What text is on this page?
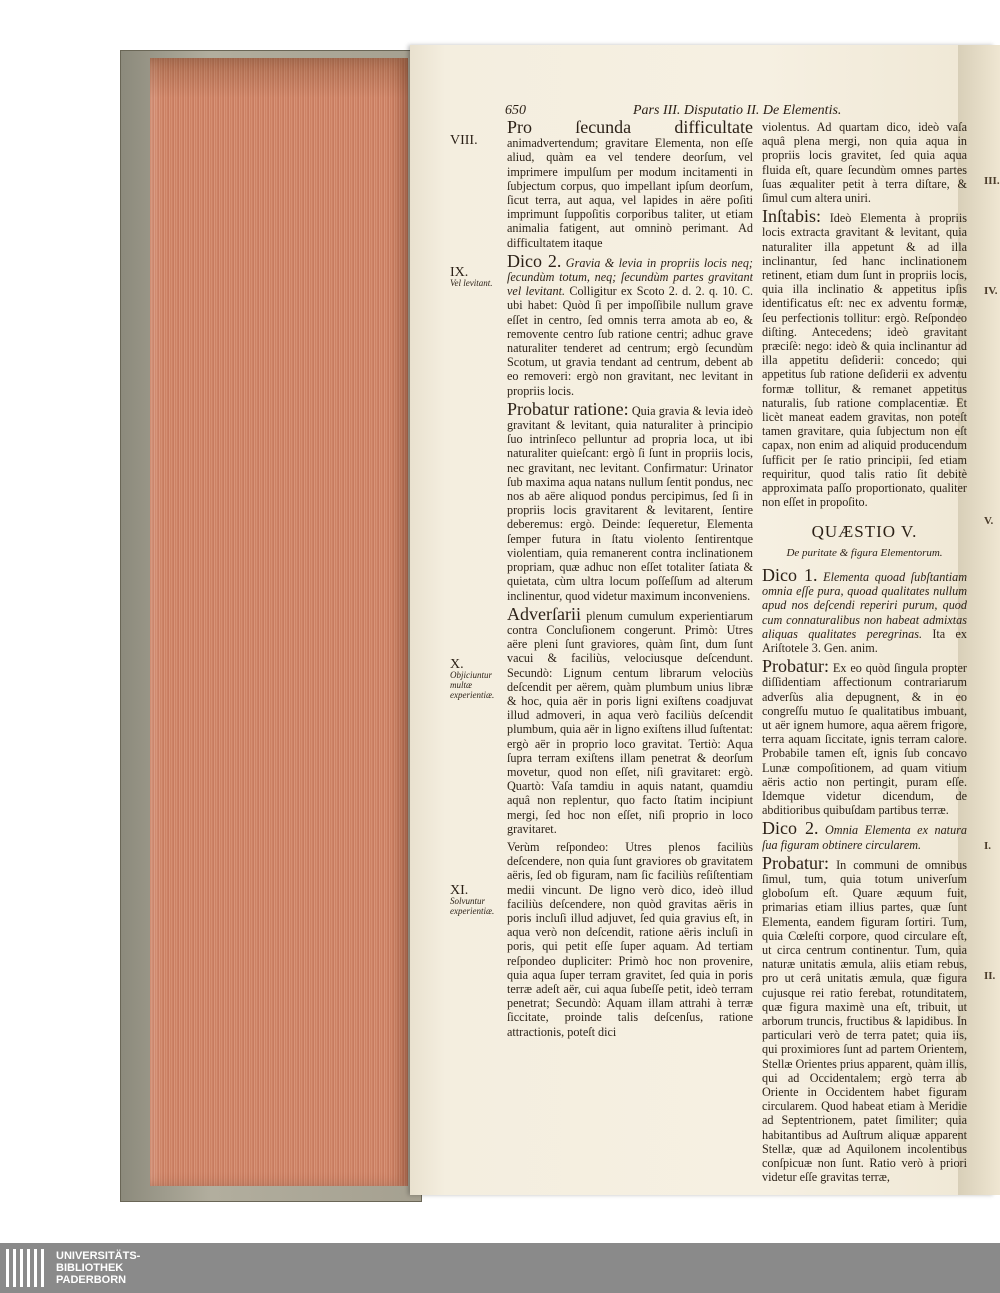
III.
IV.
V.
I.
II.
650	Pars III. Disputatio II. De Elementis.
VIII.
IX.
Vel levitant.
X.
Objiciuntur multæ experientiæ.
XI.
Solvuntur experientiæ.

Pro ſecunda difficultate animadvertendum; gravitare Elementa, non eſſe aliud, quàm ea vel tendere deorſum, vel imprimere impulſum per modum incitamenti in ſubjectum corpus, quo impellant ipſum deorſum, ſicut terra, aut aqua, vel lapides in aëre poſiti imprimunt ſuppoſitis corporibus taliter, ut etiam animalia fatigent, aut omninò perimant. Ad difficultatem itaque

Dico 2. Gravia & levia in propriis locis neq; ſecundùm totum, neq; ſecundùm partes gravitant vel levitant. Colligitur ex Scoto 2. d. 2. q. 10. C. ubi habet: Quòd ſi per impoſſibile nullum grave eſſet in centro, ſed omnis terra amota ab eo, & removente centro ſub ratione centri; adhuc grave naturaliter tenderet ad centrum; ergò ſecundùm Scotum, ut gravia tendant ad centrum, debent ab eo removeri: ergò non gravitant, nec levitant in propriis locis.

Probatur ratione: Quia gravia & levia ideò gravitant & levitant, quia naturaliter à principio ſuo intrinſeco pelluntur ad propria loca, ut ibi naturaliter quieſcant: ergò ſi ſunt in propriis locis, nec gravitant, nec levitant. Confirmatur: Urinator ſub maxima aqua natans nullum ſentit pondus, nec nos ab aëre aliquod pondus percipimus, ſed ſi in propriis locis gravitarent & levitarent, ſentire deberemus: ergò. Deinde: ſequeretur, Elementa ſemper futura in ſtatu violento ſentirentque violentiam, quia remanerent contra inclinationem propriam, quæ adhuc non eſſet totaliter ſatiata & quietata, cùm ultra locum poſſeſſum ad alterum inclinentur, quod videtur maximum inconveniens.

Adverſarii plenum cumulum experientiarum contra Concluſionem congerunt. Primò: Utres aëre pleni ſunt graviores, quàm ſint, dum ſunt vacui & faciliùs, velociusque deſcendunt. Secundò: Lignum centum librarum velociùs deſcendit per aërem, quàm plumbum unius libræ & hoc, quia aër in poris ligni exiſtens coadjuvat illud admoveri, in aqua verò faciliùs deſcendit plumbum, quia aër in ligno exiſtens illud ſuſtentat: ergò aër in proprio loco gravitat. Tertiò: Aqua ſupra terram exiſtens illam penetrat & deorſum movetur, quod non eſſet, niſi gravitaret: ergò. Quartò: Vaſa tamdiu in aquis natant, quamdiu aquâ non replentur, quo facto ſtatim incipiunt mergi, ſed hoc non eſſet, niſi proprio in loco gravitaret.

Verùm reſpondeo: Utres plenos faciliùs deſcendere, non quia ſunt graviores ob gravitatem aëris, ſed ob figuram, nam ſic faciliùs reſiſtentiam medii vincunt. De ligno verò dico, ideò illud faciliùs deſcendere, non quòd gravitas aëris in poris incluſi illud adjuvet, ſed quia gravius eſt, in aqua verò non deſcendit, ratione aëris incluſi in poris, qui petit eſſe ſuper aquam. Ad tertiam reſpondeo dupliciter: Primò hoc non provenire, quia aqua ſuper terram gravitet, ſed quia in poris terræ adeſt aër, cui aqua ſubeſſe petit, ideò terram penetrat; Secundò: Aquam illam attrahi à terræ ſiccitate, proinde talis deſcenſus, ratione attractionis, poteſt dici

violentus. Ad quartam dico, ideò vaſa aquâ plena mergi, non quia aqua in propriis locis gravitet, ſed quia aqua fluida eſt, quare ſecundùm omnes partes ſuas æqualiter petit à terra diſtare, & ſimul cum altera uniri.

Inſtabis: Ideò Elementa à propriis locis extracta gravitant & levitant, quia naturaliter illa appetunt & ad illa inclinantur, ſed hanc inclinationem retinent, etiam dum ſunt in propriis locis, quia illa inclinatio & appetitus ipſis identificatus eſt: nec ex adventu formæ, ſeu perfectionis tollitur: ergò. Reſpondeo diſting. Antecedens; ideò gravitant præciſè: nego: ideò & quia inclinantur ad illa appetitu deſiderii: concedo; qui appetitus ſub ratione deſiderii ex adventu formæ tollitur, & remanet appetitus naturalis, ſub ratione complacentiæ. Et licèt maneat eadem gravitas, non poteſt tamen gravitare, quia ſubjectum non eſt capax, non enim ad aliquid producendum ſufficit per ſe ratio principii, ſed etiam requiritur, quod talis ratio ſit debitè approximata paſſo proportionato, qualiter non eſſet in propoſito.

QUÆSTIO V.
De puritate & figura Elementorum.

Dico 1. Elementa quoad ſubſtantiam omnia eſſe pura, quoad qualitates nullum apud nos deſcendi reperiri purum, quod cum connaturalibus non habeat admixtas aliquas qualitates peregrinas. Ita ex Ariſtotele 3. Gen. anim.

Probatur: Ex eo quòd ſingula propter diſſidentiam affectionum contrariarum adverſùs alia depugnent, & in eo congreſſu mutuo ſe qualitatibus imbuant, ut aër ignem humore, aqua aërem frigore, terra aquam ſiccitate, ignis terram calore. Probabile tamen eſt, ignis ſub concavo Lunæ compoſitionem, ad quam vitium aëris actio non pertingit, puram eſſe. Idemque videtur dicendum, de abditioribus quibuſdam partibus terræ.

Dico 2. Omnia Elementa ex natura ſua figuram obtinere circularem.

Probatur: In communi de omnibus ſimul, tum, quia totum univerſum globoſum eſt. Quare æquum fuit, primarias etiam illius partes, quæ ſunt Elementa, eandem figuram ſortiri. Tum, quia Cœleſti corpore, quod circulare eſt, ut circa centrum continentur. Tum, quia naturæ unitatis æmula, aliis etiam rebus, pro ut cerâ unitatis æmula, quæ figura cujusque rei ratio ferebat, rotunditatem, quæ figura maximè una eſt, tribuit, ut arborum truncis, fructibus & lapidibus. In particulari verò de terra patet; quia iis, qui proximiores ſunt ad partem Orientem, Stellæ Orientes prius apparent, quàm illis, qui ad Occidentalem; ergò terra ab Oriente in Occidentem habet figuram circularem. Quod habeat etiam à Meridie ad Septentrionem, patet ſimiliter; quia habitantibus ad Auſtrum aliquæ apparent Stellæ, quæ ad Aquilonem incolentibus conſpicuæ non ſunt. Ratio verò à priori videtur eſſe gravitas terræ,

UNIVERSITÄTS-
BIBLIOTHEK
PADERBORN
